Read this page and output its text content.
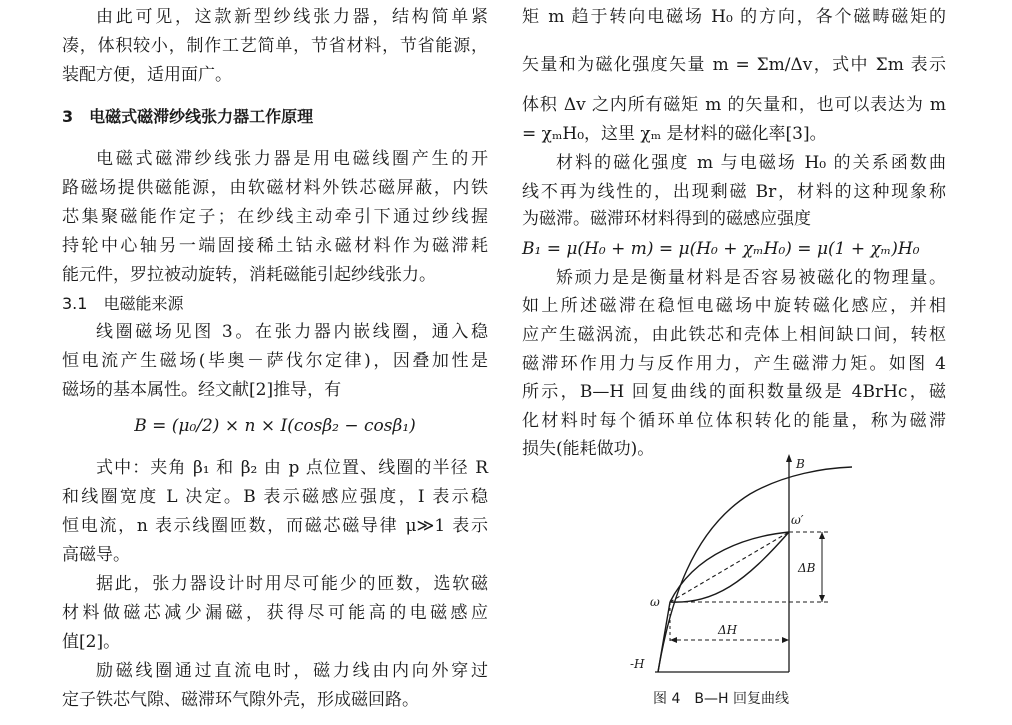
由此可见，这款新型纱线张力器，结构简单紧
凑，体积较小，制作工艺简单，节省材料，节省能源，
装配方便，适用面广。
3　电磁式磁滞纱线张力器工作原理
电磁式磁滞纱线张力器是用电磁线圈产生的开
路磁场提供磁能源，由软磁材料外铁芯磁屏蔽，内铁
芯集聚磁能作定子；在纱线主动牵引下通过纱线握
持轮中心轴另一端固接稀土钴永磁材料作为磁滞耗
能元件，罗拉被动旋转，消耗磁能引起纱线张力。
3.1　电磁能来源
线圈磁场见图 3。在张力器内嵌线圈，通入稳
恒电流产生磁场(毕奥－萨伐尔定律)，因叠加性是
磁场的基本属性。经文献[2]推导，有
B = (μ₀/2) × n × I(cosβ₂ − cosβ₁)
式中：夹角 β₁ 和 β₂ 由 p 点位置、线圈的半径 R
和线圈宽度 L 决定。B 表示磁感应强度，I 表示稳
恒电流，n 表示线圈匝数，而磁芯磁导律 μ≫1 表示
高磁导。
据此，张力器设计时用尽可能少的匝数，选软磁
材料做磁芯减少漏磁，获得尽可能高的电磁感应
值[2]。
励磁线圈通过直流电时，磁力线由内向外穿过
定子铁芯气隙、磁滞环气隙外壳，形成磁回路。
矩 m 趋于转向电磁场 H₀ 的方向，各个磁畴磁矩的
矢量和为磁化强度矢量 m = Σm/Δv，式中 Σm 表示
体积 Δv 之内所有磁矩 m 的矢量和，也可以表达为 m
= χₘH₀，这里 χₘ 是材料的磁化率[3]。
材料的磁化强度 m 与电磁场 H₀ 的关系函数曲
线不再为线性的，出现剩磁 Br，材料的这种现象称
为磁滞。磁滞环材料得到的磁感应强度
B₁ = μ(H₀ + m) = μ(H₀ + χₘH₀) = μ(1 + χₘ)H₀
矫顽力是是衡量材料是否容易被磁化的物理量。
如上所述磁滞在稳恒电磁场中旋转磁化感应，并相
应产生磁涡流，由此铁芯和壳体上相间缺口间，转枢
磁滞环作用力与反作用力，产生磁滞力矩。如图 4
所示，B—H 回复曲线的面积数量级是 4BrHc，磁
化材料时每个循环单位体积转化的能量，称为磁滞
损失(能耗做功)。
B
-H
ω
ω′
ΔB
ΔH
图 4　B—H 回复曲线
